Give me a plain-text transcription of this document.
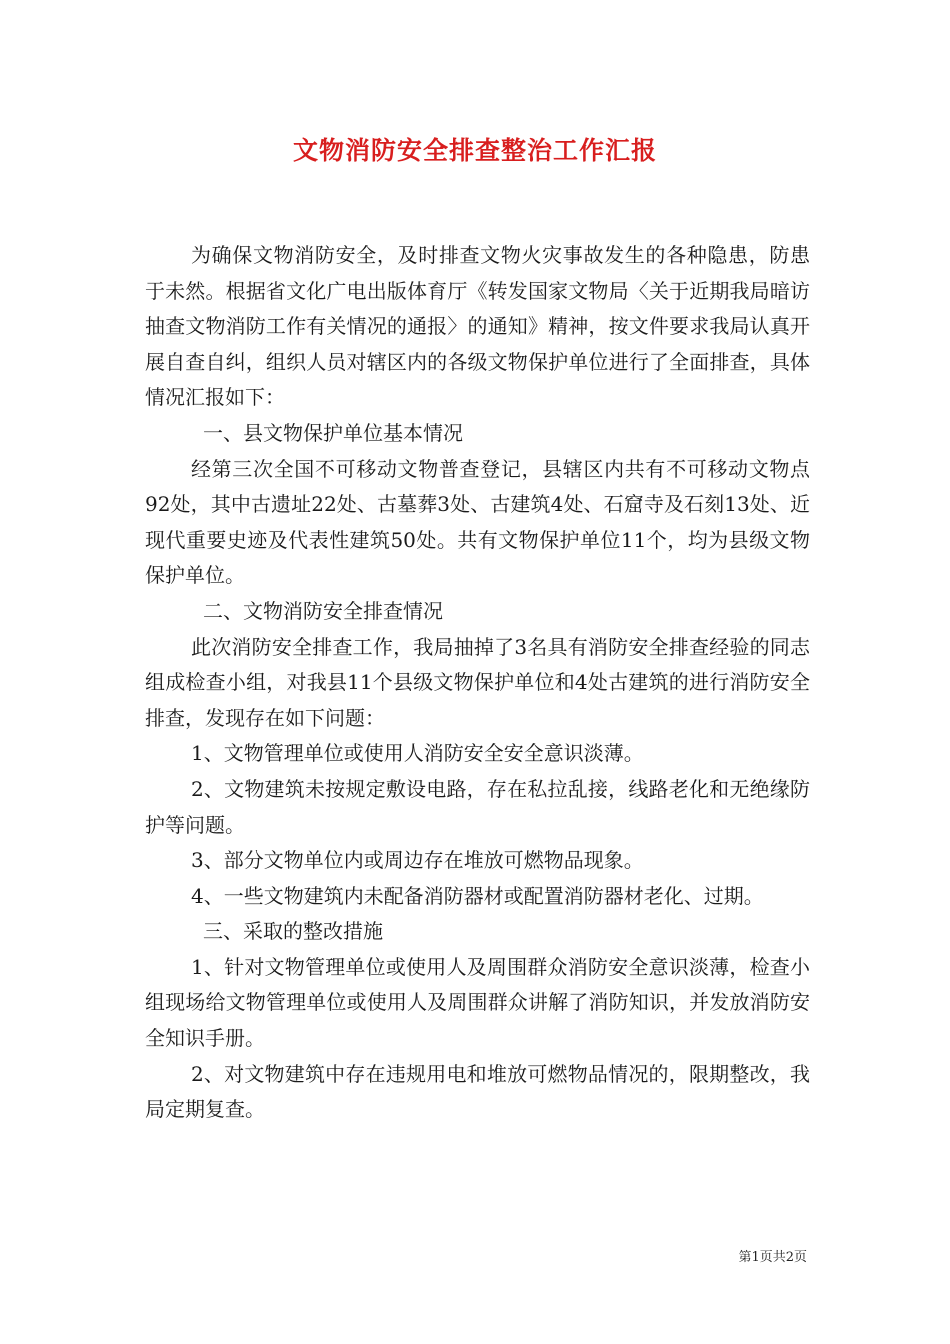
文物消防安全排查整治工作汇报

为确保文物消防安全，及时排查文物火灾事故发生的各种隐患，防患于未然。根据省文化广电出版体育厅《转发国家文物局〈关于近期我局暗访抽查文物消防工作有关情况的通报〉的通知》精神，按文件要求我局认真开展自查自纠，组织人员对辖区内的各级文物保护单位进行了全面排查，具体情况汇报如下：

一、县文物保护单位基本情况

经第三次全国不可移动文物普查登记，县辖区内共有不可移动文物点92处，其中古遗址22处、古墓葬3处、古建筑4处、石窟寺及石刻13处、近现代重要史迹及代表性建筑50处。共有文物保护单位11个，均为县级文物保护单位。

二、文物消防安全排查情况

此次消防安全排查工作，我局抽掉了3名具有消防安全排查经验的同志组成检查小组，对我县11个县级文物保护单位和4处古建筑的进行消防安全排查，发现存在如下问题：

1、文物管理单位或使用人消防安全安全意识淡薄。

2、文物建筑未按规定敷设电路，存在私拉乱接，线路老化和无绝缘防护等问题。

3、部分文物单位内或周边存在堆放可燃物品现象。

4、一些文物建筑内未配备消防器材或配置消防器材老化、过期。

三、采取的整改措施

1、针对文物管理单位或使用人及周围群众消防安全意识淡薄，检查小组现场给文物管理单位或使用人及周围群众讲解了消防知识，并发放消防安全知识手册。

2、对文物建筑中存在违规用电和堆放可燃物品情况的，限期整改，我局定期复查。

第1页共2页
